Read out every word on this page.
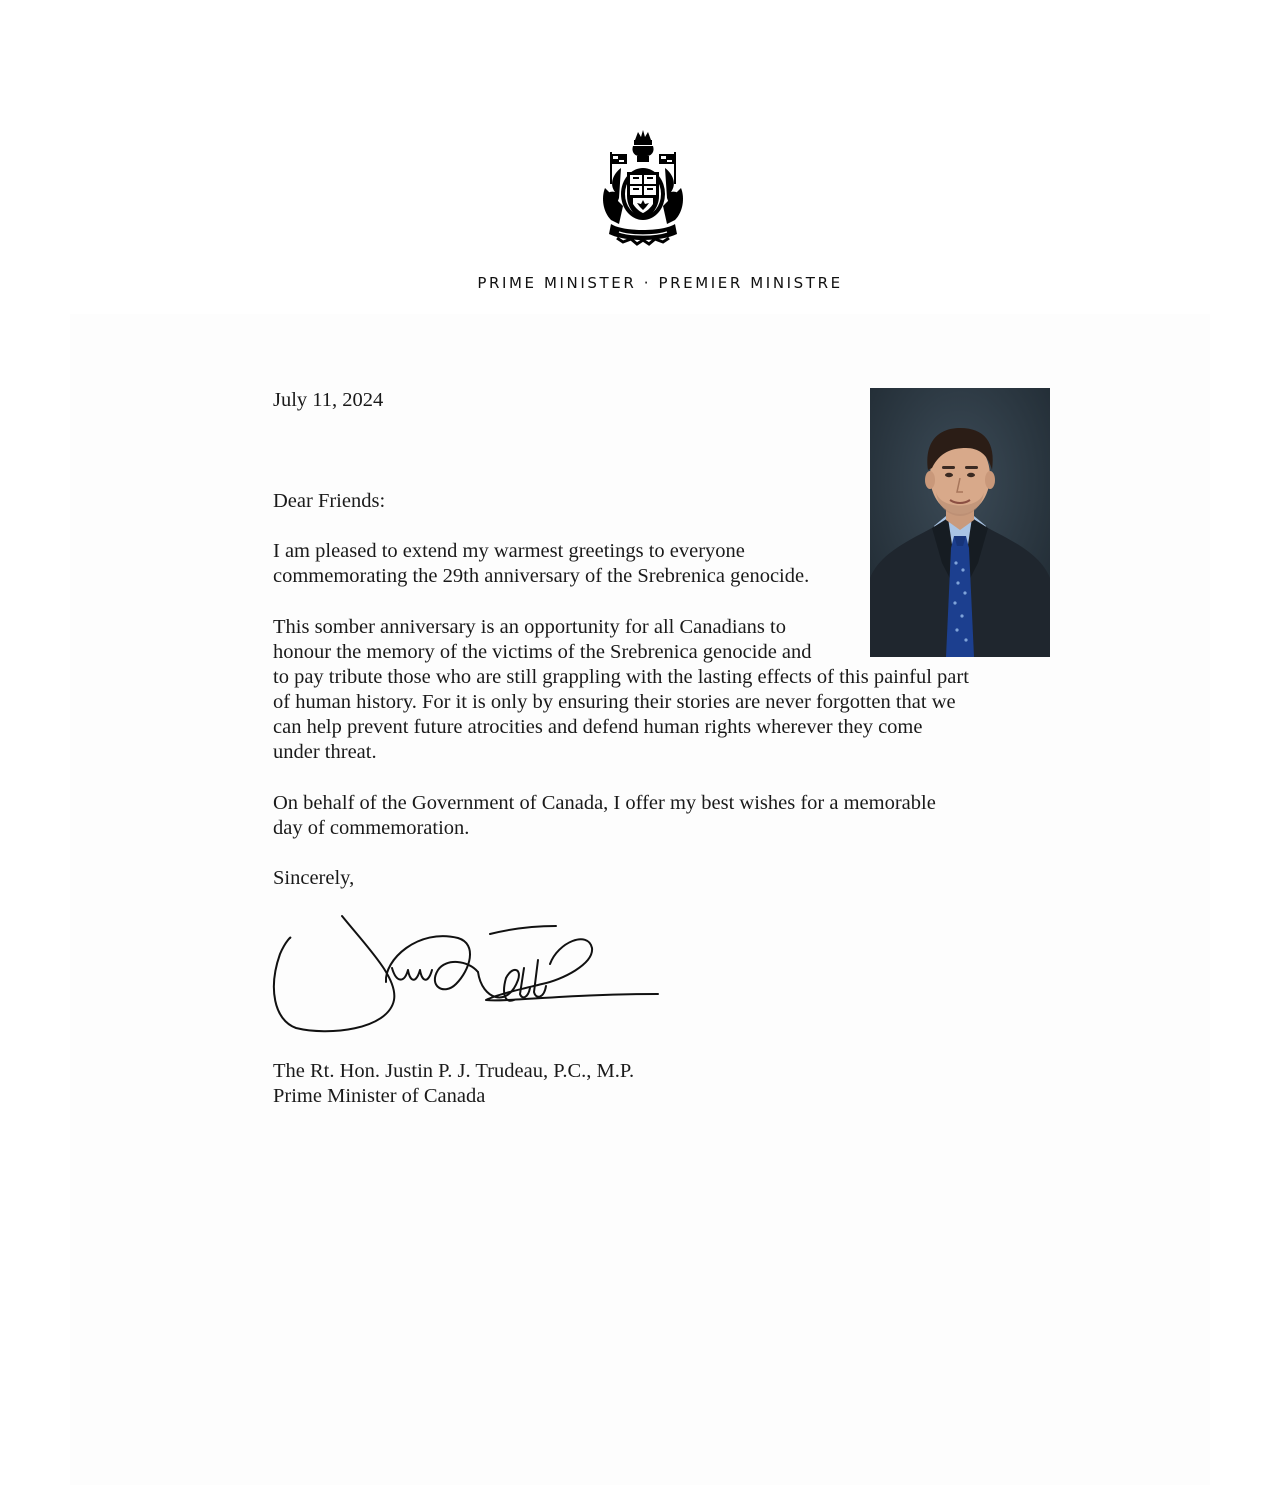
PRIME MINISTER · PREMIER MINISTRE
July 11, 2024
Dear Friends:
I am pleased to extend my warmest greetings to everyone
commemorating the 29th anniversary of the Srebrenica genocide.
This somber anniversary is an opportunity for all Canadians to
honour the memory of the victims of the Srebrenica genocide and
to pay tribute those who are still grappling with the lasting effects of this painful part
of human history. For it is only by ensuring their stories are never forgotten that we
can help prevent future atrocities and defend human rights wherever they come
under threat.
On behalf of the Government of Canada, I offer my best wishes for a memorable
day of commemoration.
Sincerely,
The Rt. Hon. Justin P. J. Trudeau, P.C., M.P.
Prime Minister of Canada
